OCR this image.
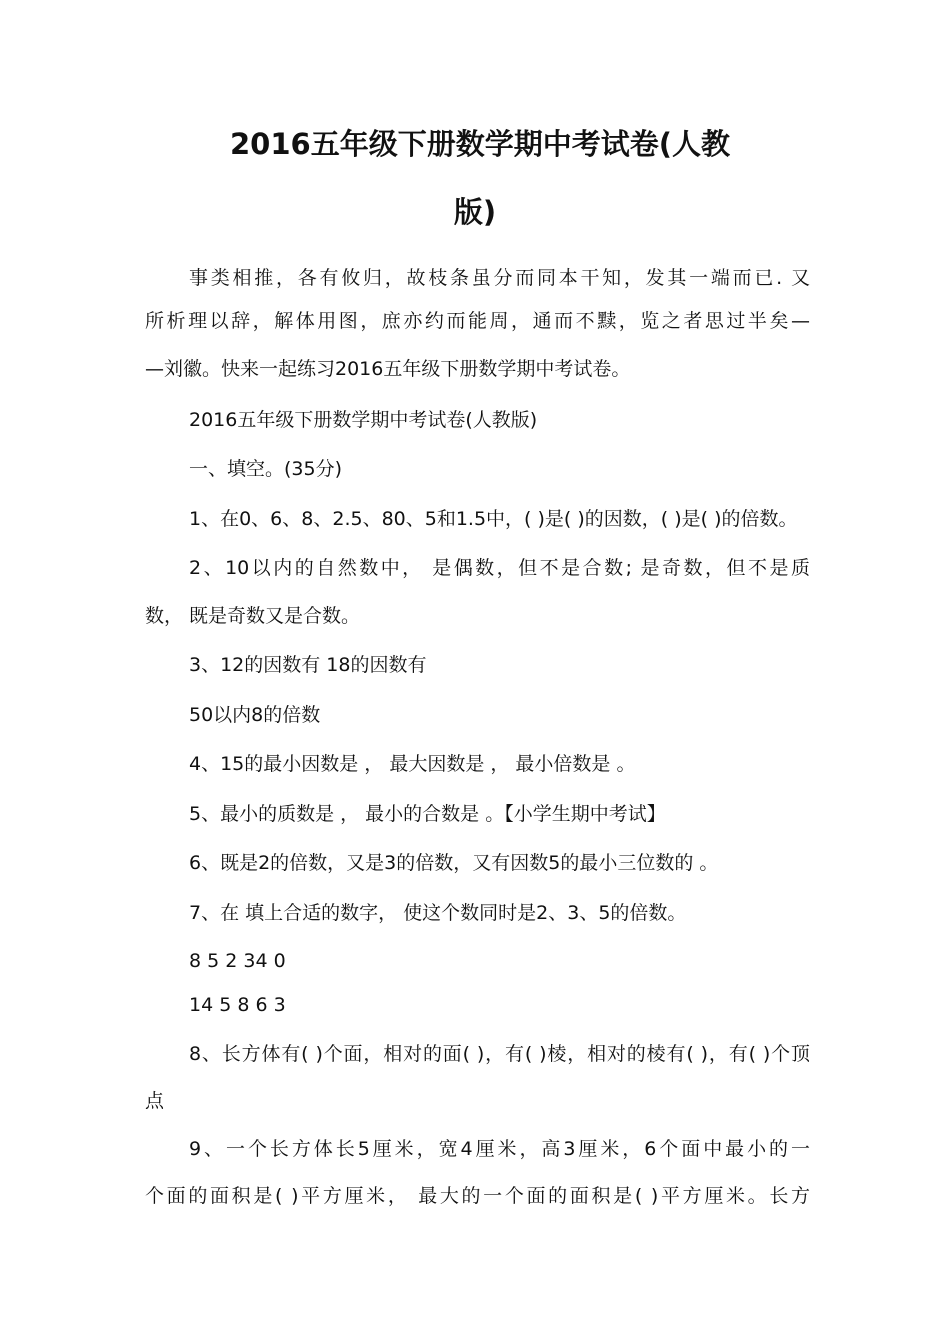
2016五年级下册数学期中考试卷(人教
版)
事类相推，各有攸归，故枝条虽分而同本干知，发其一端而已. 又
所析理以辞，解体用图，庶亦约而能周，通而不黩，览之者思过半矣—
—刘徽。快来一起练习2016五年级下册数学期中考试卷。
2016五年级下册数学期中考试卷(人教版)
一、填空。(35分)
1、在0、6、8、2.5、80、5和1.5中，( )是( )的因数，( )是( )的倍数。
2、10以内的自然数中， 是偶数，但不是合数; 是奇数，但不是质
数， 既是奇数又是合数。
3、12的因数有 18的因数有
50以内8的倍数
4、15的最小因数是 ， 最大因数是 ， 最小倍数是 。
5、最小的质数是 ， 最小的合数是 。【小学生期中考试】
6、既是2的倍数，又是3的倍数，又有因数5的最小三位数的 。
7、在 填上合适的数字， 使这个数同时是2、3、5的倍数。
8 5 2 34 0
14 5 8 6 3
8、长方体有( )个面，相对的面( )，有( )棱，相对的棱有( )，有( )个顶
点
9、一个长方体长5厘米，宽4厘米，高3厘米，6个面中最小的一
个面的面积是( )平方厘米， 最大的一个面的面积是( )平方厘米。长方
